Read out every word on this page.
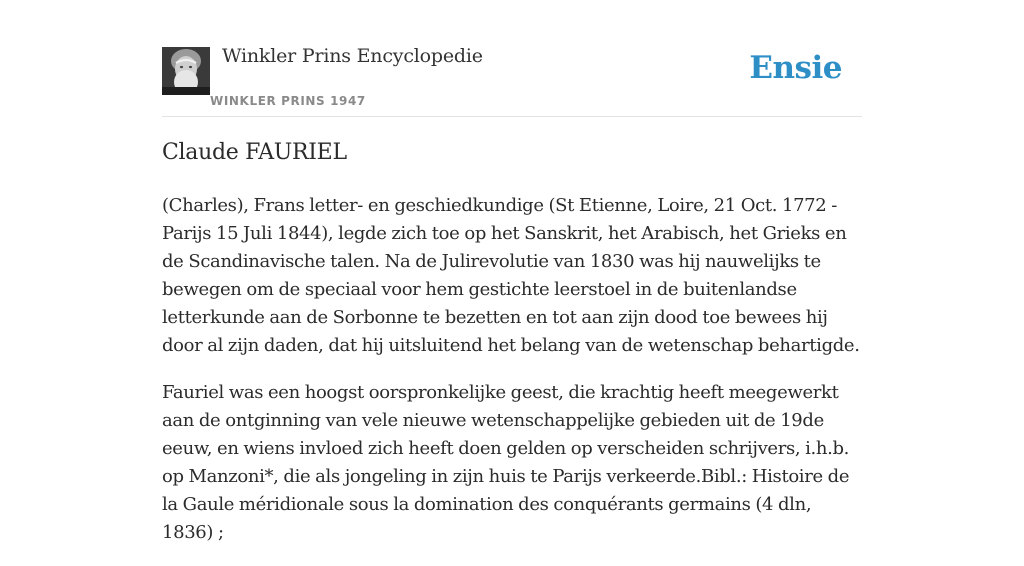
Winkler Prins Encyclopedie
WINKLER PRINS 1947
Ensie
Claude FAURIEL

(Charles), Frans letter- en geschiedkundige (St Etienne, Loire, 21 Oct. 1772 - Parijs 15 Juli 1844), legde zich toe op het Sanskrit, het Arabisch, het Grieks en de Scandinavische talen. Na de Julirevolutie van 1830 was hij nauwelijks te bewegen om de speciaal voor hem gestichte leerstoel in de buitenlandse letterkunde aan de Sorbonne te bezetten en tot aan zijn dood toe bewees hij door al zijn daden, dat hij uitsluitend het belang van de wetenschap behartigde.

Fauriel was een hoogst oorspronkelijke geest, die krachtig heeft meegewerkt aan de ontginning van vele nieuwe wetenschappelijke gebieden uit de 19de eeuw, en wiens invloed zich heeft doen gelden op verscheiden schrijvers, i.h.b. op Manzoni*, die als jongeling in zijn huis te Parijs verkeerde.Bibl.: Histoire de la Gaule méridionale sous la domination des conquérants germains (4 dln, 1836) ;
